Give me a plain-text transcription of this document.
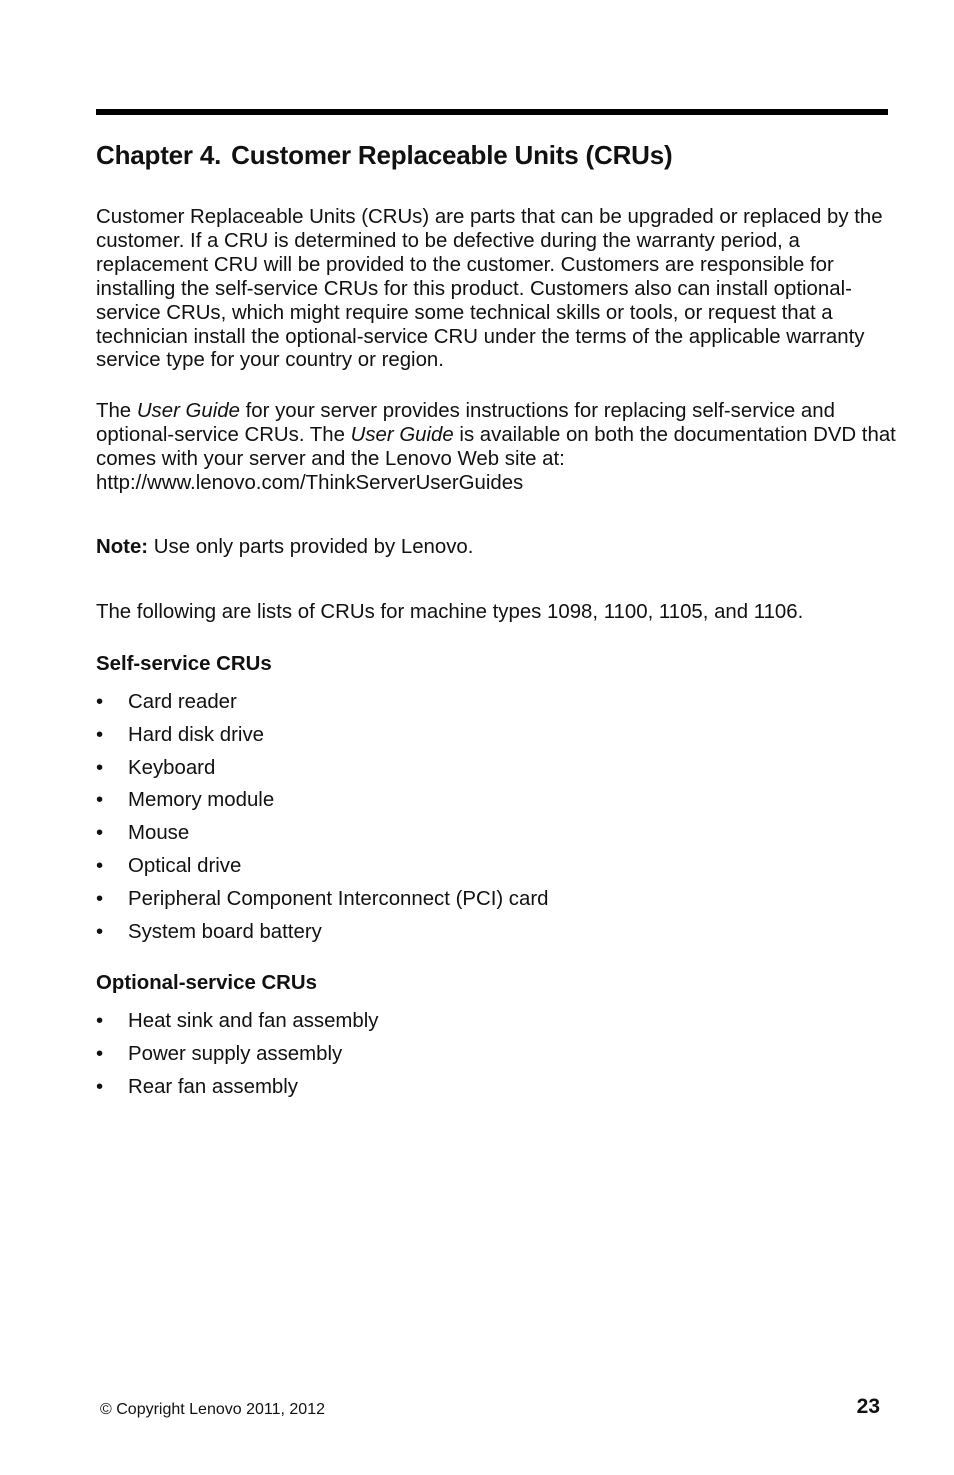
Chapter 4. Customer Replaceable Units (CRUs)

Customer Replaceable Units (CRUs) are parts that can be upgraded or replaced by the customer. If a CRU is determined to be defective during the warranty period, a replacement CRU will be provided to the customer. Customers are responsible for installing the self-service CRUs for this product. Customers also can install optional-service CRUs, which might require some technical skills or tools, or request that a technician install the optional-service CRU under the terms of the applicable warranty service type for your country or region.

The User Guide for your server provides instructions for replacing self-service and optional-service CRUs. The User Guide is available on both the documentation DVD that comes with your server and the Lenovo Web site at:
http://www.lenovo.com/ThinkServerUserGuides

Note: Use only parts provided by Lenovo.

The following are lists of CRUs for machine types 1098, 1100, 1105, and 1106.

Self-service CRUs
• Card reader
• Hard disk drive
• Keyboard
• Memory module
• Mouse
• Optical drive
• Peripheral Component Interconnect (PCI) card
• System board battery
Optional-service CRUs
• Heat sink and fan assembly
• Power supply assembly
• Rear fan assembly
© Copyright Lenovo 2011, 2012	23
